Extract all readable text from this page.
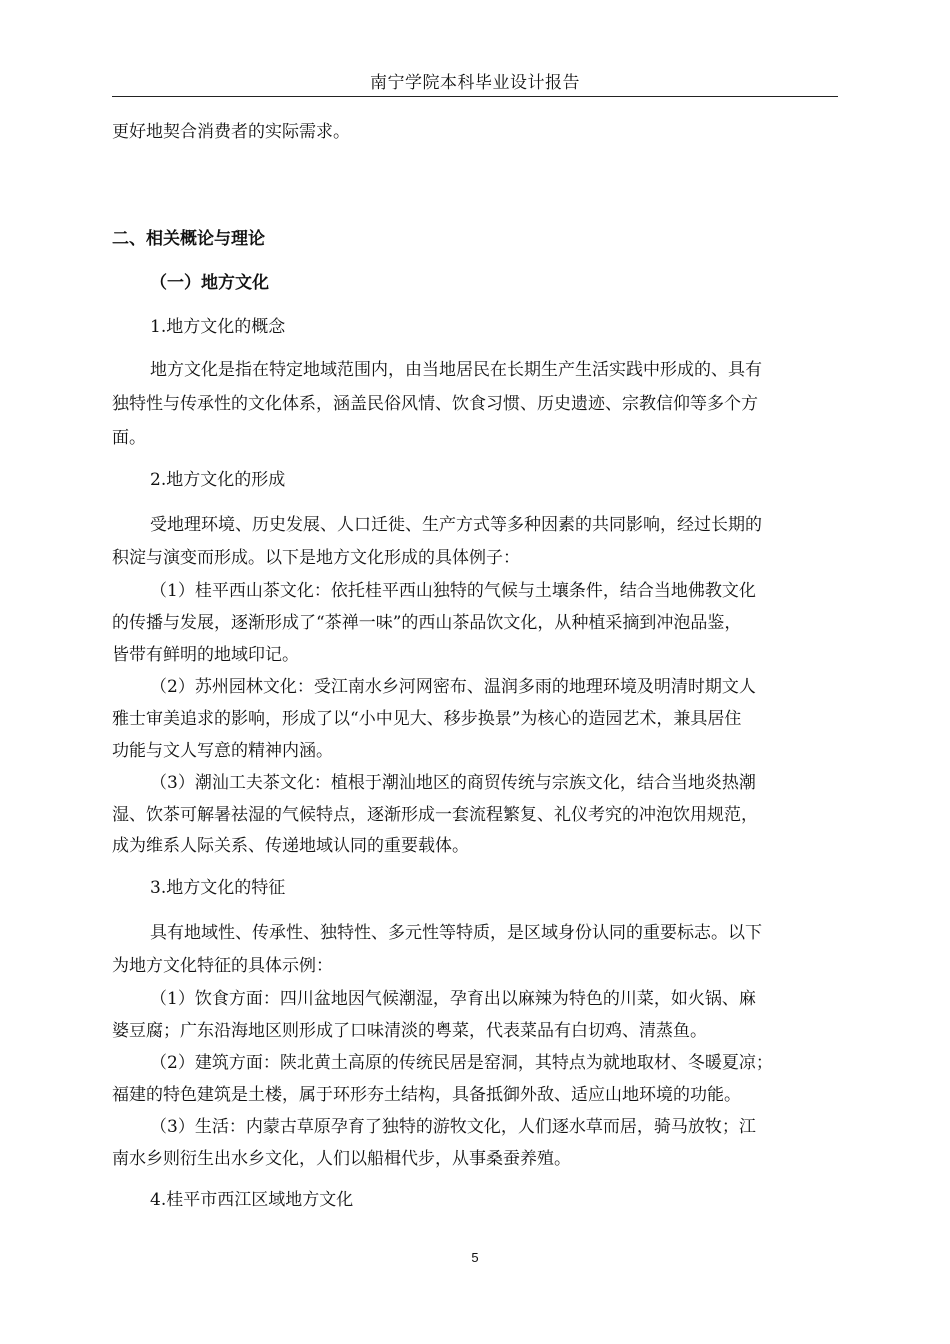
南宁学院本科毕业设计报告
更好地契合消费者的实际需求。
二、相关概论与理论
（一）地方文化
1.地方文化的概念
地方文化是指在特定地域范围内，由当地居民在长期生产生活实践中形成的、具有
独特性与传承性的文化体系，涵盖民俗风情、饮食习惯、历史遗迹、宗教信仰等多个方
面。
2.地方文化的形成
受地理环境、历史发展、人口迁徙、生产方式等多种因素的共同影响，经过长期的
积淀与演变而形成。以下是地方文化形成的具体例子：
（1）桂平西山茶文化：依托桂平西山独特的气候与土壤条件，结合当地佛教文化
的传播与发展，逐渐形成了“茶禅一味”的西山茶品饮文化，从种植采摘到冲泡品鉴，
皆带有鲜明的地域印记。
（2）苏州园林文化：受江南水乡河网密布、温润多雨的地理环境及明清时期文人
雅士审美追求的影响，形成了以“小中见大、移步换景”为核心的造园艺术，兼具居住
功能与文人写意的精神内涵。
（3）潮汕工夫茶文化：植根于潮汕地区的商贸传统与宗族文化，结合当地炎热潮
湿、饮茶可解暑祛湿的气候特点，逐渐形成一套流程繁复、礼仪考究的冲泡饮用规范，
成为维系人际关系、传递地域认同的重要载体。
3.地方文化的特征
具有地域性、传承性、独特性、多元性等特质，是区域身份认同的重要标志。以下
为地方文化特征的具体示例：
（1）饮食方面：四川盆地因气候潮湿，孕育出以麻辣为特色的川菜，如火锅、麻
婆豆腐；广东沿海地区则形成了口味清淡的粤菜，代表菜品有白切鸡、清蒸鱼。
（2）建筑方面：陕北黄土高原的传统民居是窑洞，其特点为就地取材、冬暖夏凉；
福建的特色建筑是土楼，属于环形夯土结构，具备抵御外敌、适应山地环境的功能。
（3）生活：内蒙古草原孕育了独特的游牧文化，人们逐水草而居，骑马放牧；江
南水乡则衍生出水乡文化，人们以船楫代步，从事桑蚕养殖。
4.桂平市西江区域地方文化
5
